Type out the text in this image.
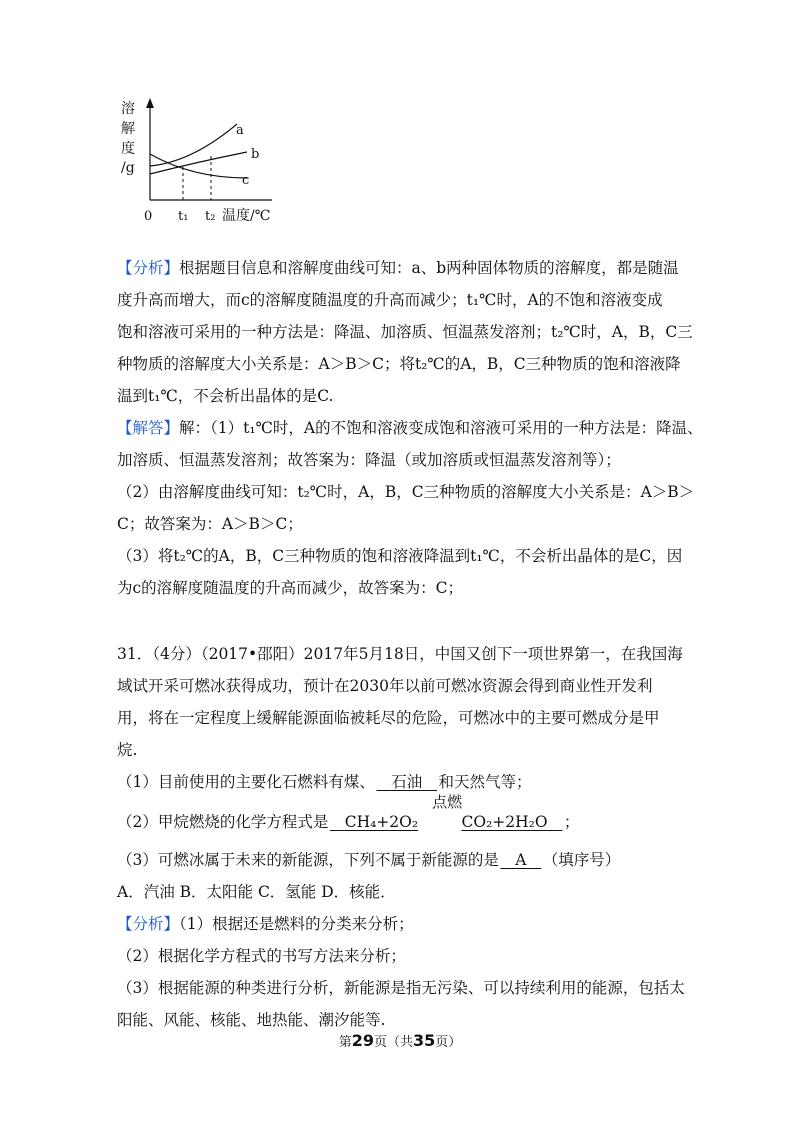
溶
解
度
/g
0 t₁ t₂ 温度/℃
a
b
c
【分析】根据题目信息和溶解度曲线可知：a、b两种固体物质的溶解度，都是随温
度升高而增大，而c的溶解度随温度的升高而减少；t₁℃时，A的不饱和溶液变成
饱和溶液可采用的一种方法是：降温、加溶质、恒温蒸发溶剂；t₂℃时，A，B，C三
种物质的溶解度大小关系是：A＞B＞C；将t₂℃的A，B，C三种物质的饱和溶液降
温到t₁℃，不会析出晶体的是C.
【解答】解：（1）t₁℃时，A的不饱和溶液变成饱和溶液可采用的一种方法是：降温、
加溶质、恒温蒸发溶剂；故答案为：降温（或加溶质或恒温蒸发溶剂等）；
（2）由溶解度曲线可知：t₂℃时，A，B，C三种物质的溶解度大小关系是：A＞B＞
C；故答案为：A＞B＞C；
（3）将t₂℃的A，B，C三种物质的饱和溶液降温到t₁℃，不会析出晶体的是C，因
为c的溶解度随温度的升高而减少，故答案为：C；
31．（4分）（2017•邵阳）2017年5月18日，中国又创下一项世界第一，在我国海
域试开采可燃冰获得成功，预计在2030年以前可燃冰资源会得到商业性开发利
用，将在一定程度上缓解能源面临被耗尽的危险，可燃冰中的主要可燃成分是甲
烷.
（1）目前使用的主要化石燃料有煤、 石油 和天然气等；
（2）甲烷燃烧的化学方程式是 CH₄+2O₂
点燃
CO₂+2H₂O ；
（3）可燃冰属于未来的新能源，下列不属于新能源的是 A （填序号）
A．汽油 B．太阳能 C．氢能 D．核能．
【分析】（1）根据还是燃料的分类来分析；
（2）根据化学方程式的书写方法来分析；
（3）根据能源的种类进行分析，新能源是指无污染、可以持续利用的能源，包括太
阳能、风能、核能、地热能、潮汐能等.
第29页（共35页）
